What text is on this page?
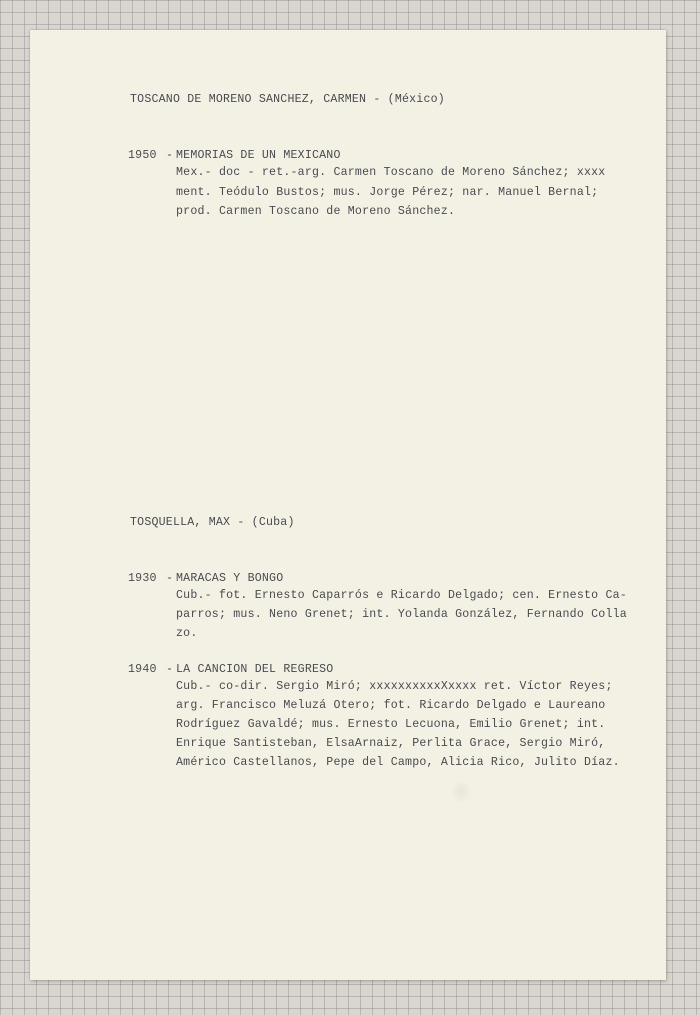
TOSCANO DE MORENO SANCHEZ, CARMEN - (México)

1950 - MEMORIAS DE UN MEXICANO

Mex.- doc - ret.-arg. Carmen Toscano de Moreno Sánchez; xxxx

ment. Teódulo Bustos; mus. Jorge Pérez; nar. Manuel Bernal;

prod. Carmen Toscano de Moreno Sánchez.

TOSQUELLA, MAX - (Cuba)

1930 - MARACAS Y BONGO

Cub.- fot. Ernesto Caparrós e Ricardo Delgado; cen. Ernesto Ca-

parros; mus. Neno Grenet; int. Yolanda González, Fernando Colla

zo.

1940 - LA CANCION DEL REGRESO

Cub.- co-dir. Sergio Miró; xxxxxxxxxxXxxxx ret. Víctor Reyes;

arg. Francisco Meluzá Otero; fot. Ricardo Delgado e Laureano

Rodríguez Gavaldé; mus. Ernesto Lecuona, Emilio Grenet; int.

Enrique Santisteban, ElsaArnaiz, Perlita Grace, Sergio Miró,

Américo Castellanos, Pepe del Campo, Alicia Rico, Julito Díaz.
